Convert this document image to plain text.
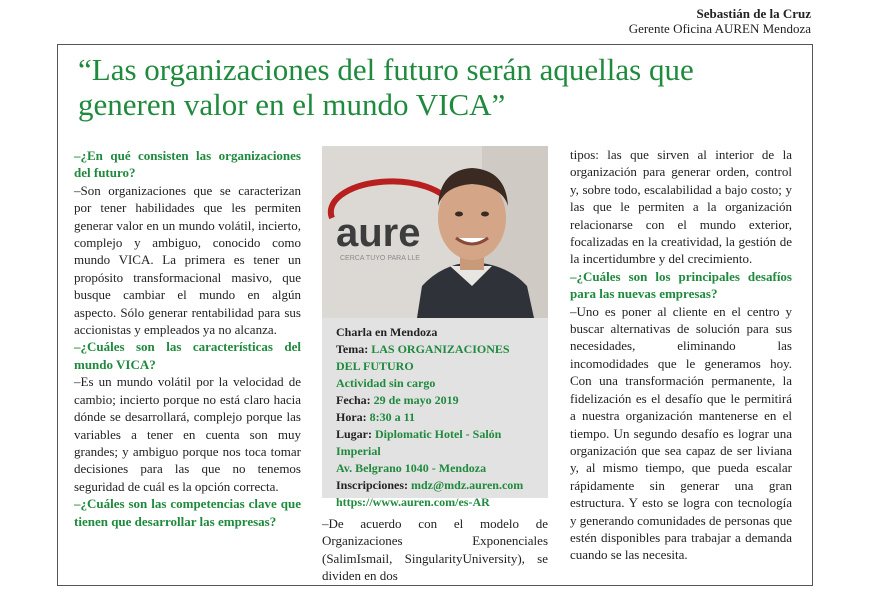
Sebastián de la Cruz
Gerente Oficina AUREN Mendoza
“Las organizaciones del futuro serán aquellas que generen valor en el mundo VICA”

–¿En qué consisten las organizaciones del futuro?

–Son organizaciones que se caracterizan por tener habilidades que les permiten generar valor en un mundo volátil, incierto, complejo y ambiguo, conocido como mundo VICA. La primera es tener un propósito transformacional masivo, que busque cambiar el mundo en algún aspecto. Sólo generar rentabilidad para sus accionistas y empleados ya no alcanza.

–¿Cuáles son las características del mundo VICA?

–Es un mundo volátil por la velocidad de cambio; incierto porque no está claro hacia dónde se desarrollará, complejo porque las variables a tener en cuenta son muy grandes; y ambiguo porque nos toca tomar decisiones para las que no tenemos seguridad de cuál es la opción correcta.

–¿Cuáles son las competencias clave que tienen que desarrollar las empresas?

aure
CERCA TUYO PARA LLE
Charla en Mendoza
Tema: LAS ORGANIZACIONES DEL FUTURO
Actividad sin cargo
Fecha: 29 de mayo 2019
Hora: 8:30 a 11
Lugar: Diplomatic Hotel - Salón Imperial
Av. Belgrano 1040 - Mendoza
Inscripciones: mdz@mdz.auren.com
https://www.auren.com/es-AR

–De acuerdo con el modelo de Organizaciones Exponenciales (SalimIsmail, SingularityUniversity), se dividen en dos

tipos: las que sirven al interior de la organización para generar orden, control y, sobre todo, escalabilidad a bajo costo; y las que le permiten a la organización relacionarse con el mundo exterior, focalizadas en la creatividad, la gestión de la incertidumbre y del crecimiento.

–¿Cuáles son los principales desafíos para las nuevas empresas?

–Uno es poner al cliente en el centro y buscar alternativas de solución para sus necesidades, eliminando las incomodidades que le generamos hoy. Con una transformación permanente, la fidelización es el desafío que le permitirá a nuestra organización mantenerse en el tiempo. Un segundo desafío es lograr una organización que sea capaz de ser liviana y, al mismo tiempo, que pueda escalar rápidamente sin generar una gran estructura. Y esto se logra con tecnología y generando comunidades de personas que estén disponibles para trabajar a demanda cuando se las necesita.
